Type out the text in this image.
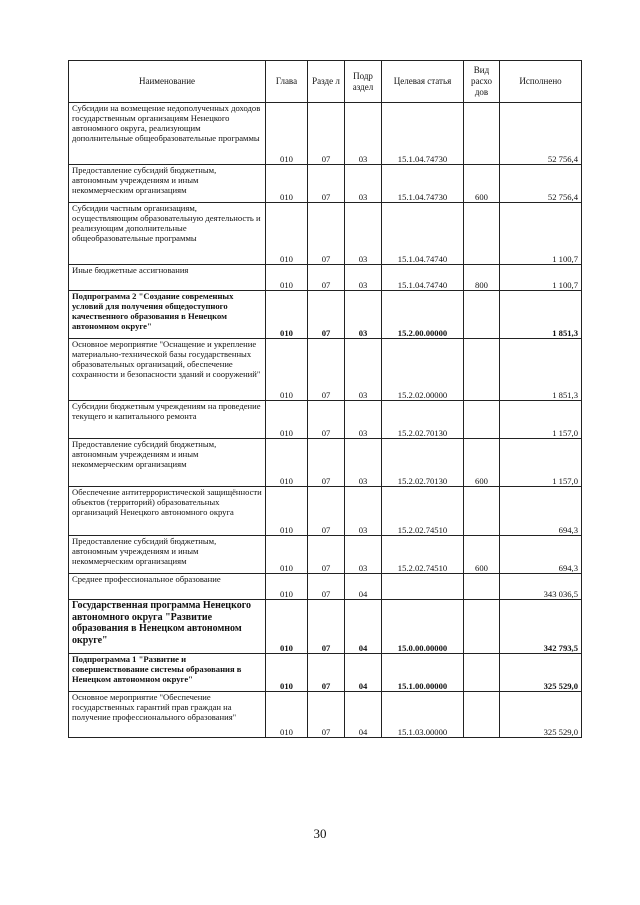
Наименование	Глава	Разде л	Подр аздел	Целевая статья	Вид расхо дов	Исполнено
Субсидии на возмещение недополученных доходов государственным организациям Ненецкого автономного округа, реализующим дополнительные общеобразовательные программы	010	07	03	15.1.04.74730		52 756,4
Предоставление субсидий бюджетным, автономным учреждениям и иным некоммерческим организациям	010	07	03	15.1.04.74730	600	52 756,4
Субсидии частным организациям, осуществляющим образовательную деятельность и реализующим дополнительные общеобразовательные программы	010	07	03	15.1.04.74740		1 100,7
Иные бюджетные ассигнования	010	07	03	15.1.04.74740	800	1 100,7
Подпрограмма 2 "Создание современных условий для получения общедоступного качественного образования в Ненецком автономном округе"	010	07	03	15.2.00.00000		1 851,3
Основное мероприятие "Оснащение и укрепление материально-технической базы государственных образовательных организаций, обеспечение сохранности и безопасности зданий и сооружений"	010	07	03	15.2.02.00000		1 851,3
Субсидии бюджетным учреждениям на проведение текущего и капитального ремонта	010	07	03	15.2.02.70130		1 157,0
Предоставление субсидий бюджетным, автономным учреждениям и иным некоммерческим организациям	010	07	03	15.2.02.70130	600	1 157,0
Обеспечение антитеррористической защищённости объектов (территорий) образовательных организаций Ненецкого автономного округа	010	07	03	15.2.02.74510		694,3
Предоставление субсидий бюджетным, автономным учреждениям и иным некоммерческим организациям	010	07	03	15.2.02.74510	600	694,3
Среднее профессиональное образование	010	07	04			343 036,5
Государственная программа Ненецкого автономного округа "Развитие образования в Ненецком автономном округе"	010	07	04	15.0.00.00000		342 793,5
Подпрограмма 1 "Развитие и совершенствование системы образования в Ненецком автономном округе"	010	07	04	15.1.00.00000		325 529,0
Основное мероприятие "Обеспечение государственных гарантий прав граждан на получение профессионального образования"	010	07	04	15.1.03.00000		325 529,0
30
